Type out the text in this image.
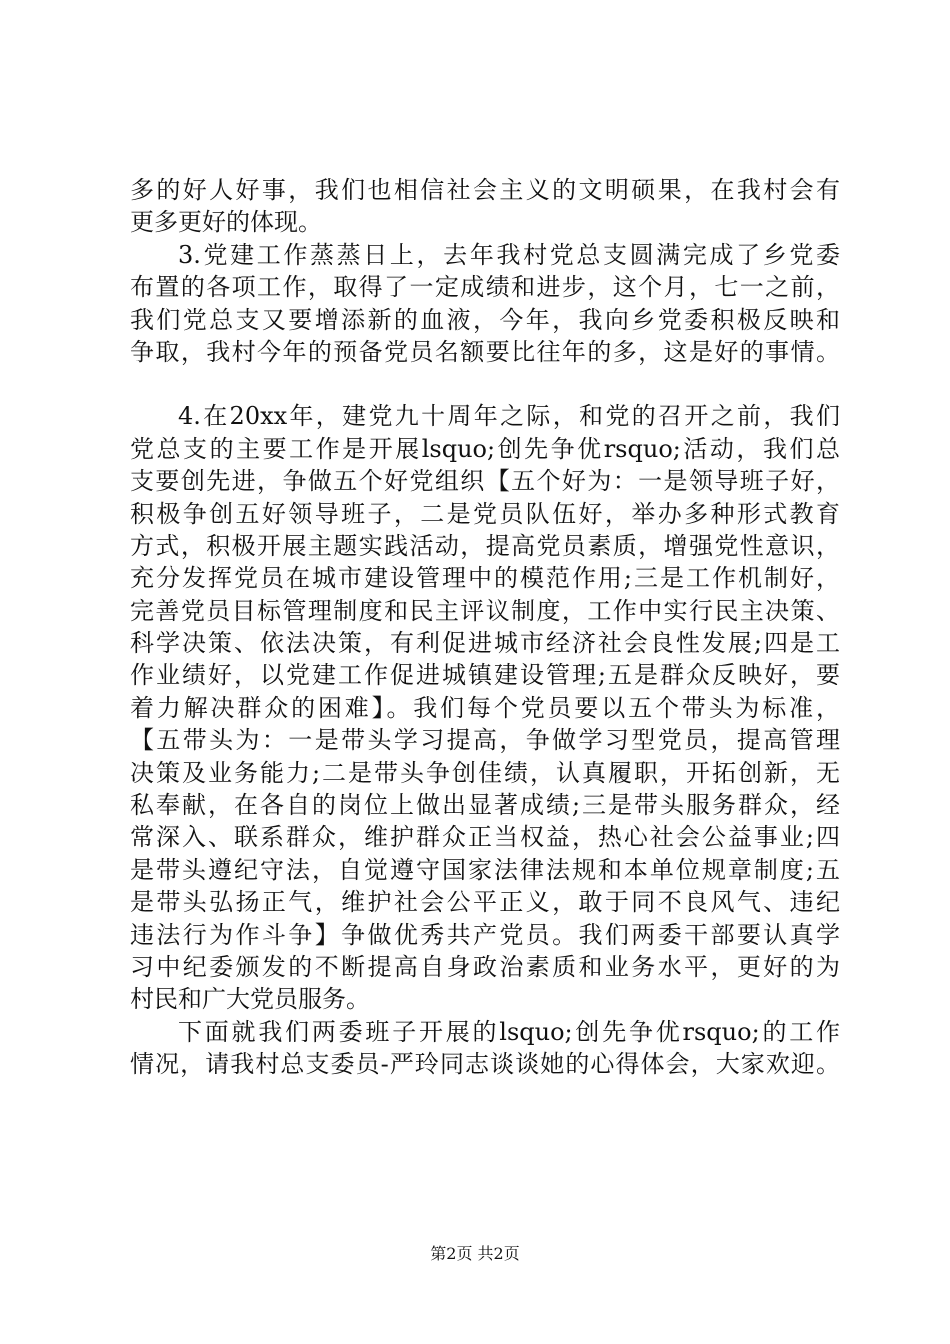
多的好人好事，我们也相信社会主义的文明硕果，在我村会有
更多更好的体现。
3.党建工作蒸蒸日上，去年我村党总支圆满完成了乡党委
布置的各项工作，取得了一定成绩和进步，这个月，七一之前，
我们党总支又要增添新的血液，今年，我向乡党委积极反映和
争取，我村今年的预备党员名额要比往年的多，这是好的事情。
4.在20xx年，建党九十周年之际，和党的召开之前，我们
党总支的主要工作是开展lsquo;创先争优rsquo;活动，我们总
支要创先进，争做五个好党组织【五个好为：一是领导班子好，
积极争创五好领导班子，二是党员队伍好，举办多种形式教育
方式，积极开展主题实践活动，提高党员素质，增强党性意识，
充分发挥党员在城市建设管理中的模范作用;三是工作机制好，
完善党员目标管理制度和民主评议制度，工作中实行民主决策、
科学决策、依法决策，有利促进城市经济社会良性发展;四是工
作业绩好，以党建工作促进城镇建设管理;五是群众反映好，要
着力解决群众的困难】。我们每个党员要以五个带头为标准，
【五带头为：一是带头学习提高，争做学习型党员，提高管理
决策及业务能力;二是带头争创佳绩，认真履职，开拓创新，无
私奉献，在各自的岗位上做出显著成绩;三是带头服务群众，经
常深入、联系群众，维护群众正当权益，热心社会公益事业;四
是带头遵纪守法，自觉遵守国家法律法规和本单位规章制度;五
是带头弘扬正气，维护社会公平正义，敢于同不良风气、违纪
违法行为作斗争】争做优秀共产党员。我们两委干部要认真学
习中纪委颁发的不断提高自身政治素质和业务水平，更好的为
村民和广大党员服务。
下面就我们两委班子开展的lsquo;创先争优rsquo;的工作
情况，请我村总支委员-严玲同志谈谈她的心得体会，大家欢迎。
第2页 共2页
